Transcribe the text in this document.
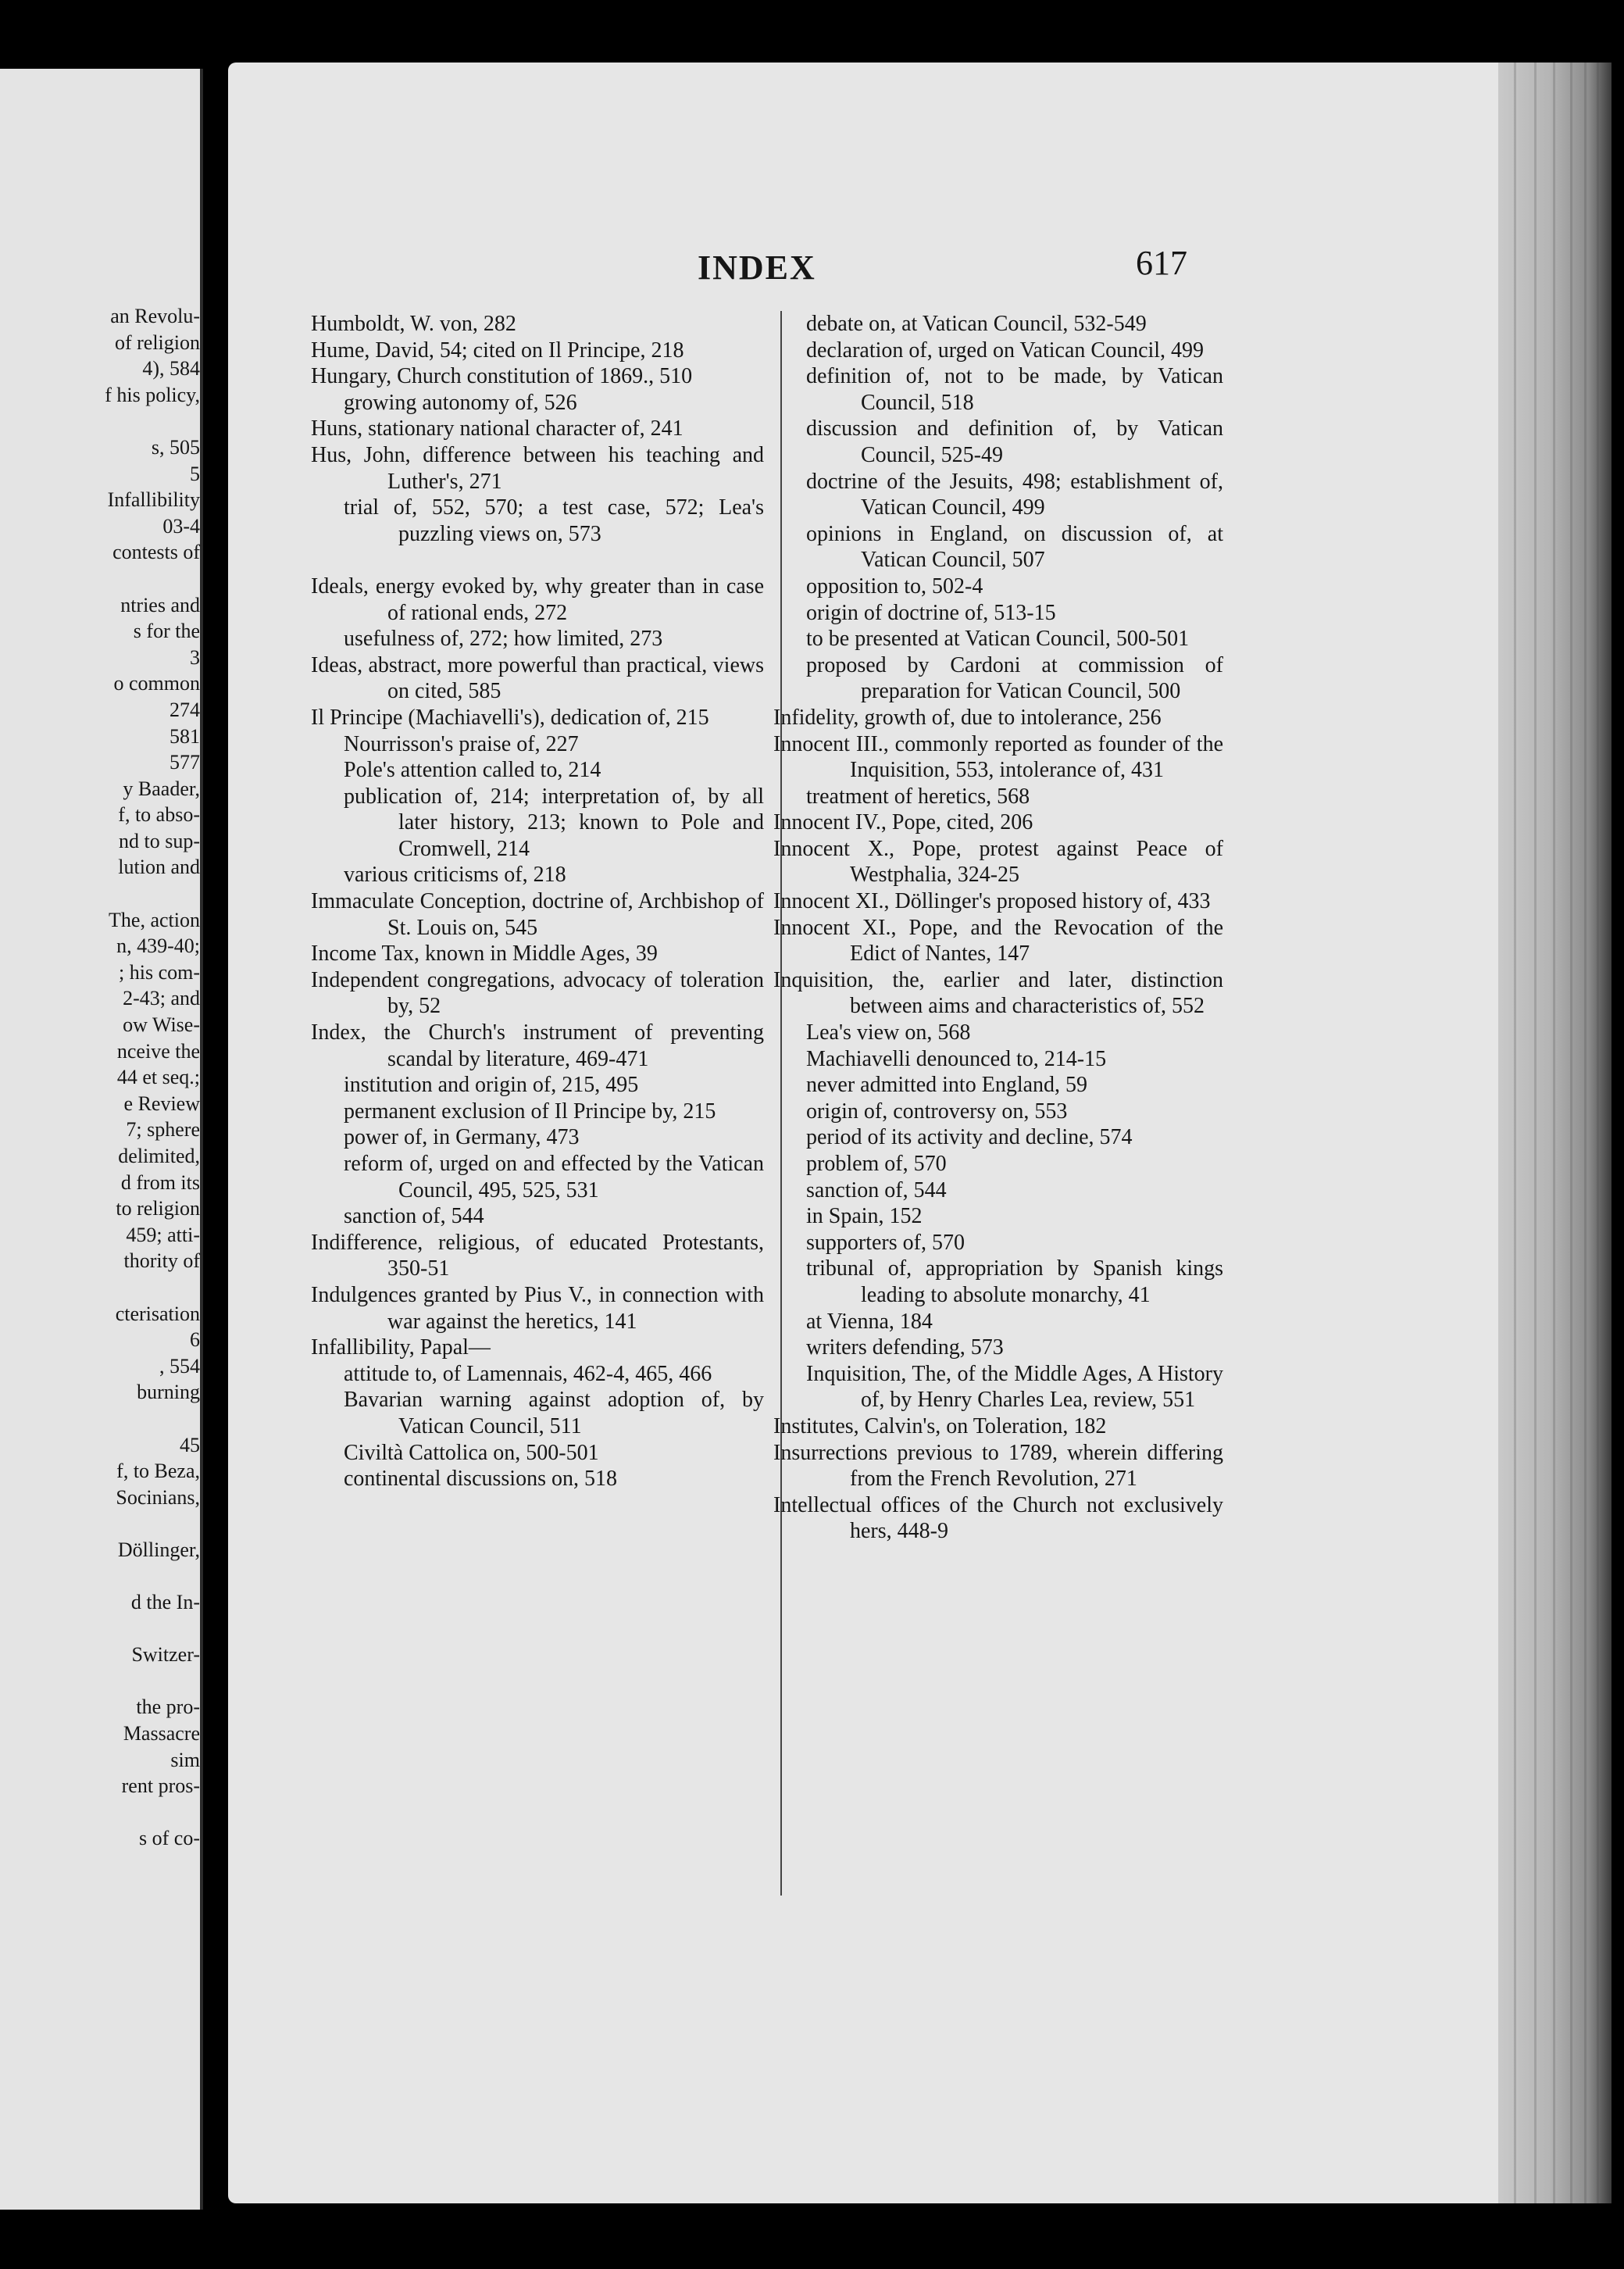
an Revolu-
of religion
4), 584
f his policy,
s, 505
5
Infallibility
03-4
contests of
ntries and
s for the
3
o common
274
581
577
y Baader,
f, to abso-
nd to sup-
lution and
The, action
n, 439-40;
; his com-
2-43; and
ow Wise-
nceive the
44 et seq.;
e Review
7; sphere
delimited,
d from its
to religion
459; atti-
thority of
cterisation
6
, 554
burning
45
f, to Beza,
Socinians,
Döllinger,
d the In-
Switzer-
the pro-
Massacre
sim
rent pros-
s of co-
INDEX	617
Humboldt, W. von, 282
Hume, David, 54; cited on Il Principe, 218
Hungary, Church constitution of 1869., 510
growing autonomy of, 526
Huns, stationary national character of, 241
Hus, John, difference between his teaching and Luther's, 271
trial of, 552, 570; a test case, 572; Lea's puzzling views on, 573
Ideals, energy evoked by, why greater than in case of rational ends, 272
usefulness of, 272; how limited, 273
Ideas, abstract, more powerful than practical, views on cited, 585
Il Principe (Machiavelli's), dedication of, 215
Nourrisson's praise of, 227
Pole's attention called to, 214
publication of, 214; interpretation of, by all later history, 213; known to Pole and Cromwell, 214
various criticisms of, 218
Immaculate Conception, doctrine of, Archbishop of St. Louis on, 545
Income Tax, known in Middle Ages, 39
Independent congregations, advocacy of toleration by, 52
Index, the Church's instrument of preventing scandal by literature, 469-471
institution and origin of, 215, 495
permanent exclusion of Il Principe by, 215
power of, in Germany, 473
reform of, urged on and effected by the Vatican Council, 495, 525, 531
sanction of, 544
Indifference, religious, of educated Protestants, 350-51
Indulgences granted by Pius V., in connection with war against the heretics, 141
Infallibility, Papal—
attitude to, of Lamennais, 462-4, 465, 466
Bavarian warning against adoption of, by Vatican Council, 511
Civiltà Cattolica on, 500-501
continental discussions on, 518
debate on, at Vatican Council, 532-549
declaration of, urged on Vatican Council, 499
definition of, not to be made, by Vatican Council, 518
discussion and definition of, by Vatican Council, 525-49
doctrine of the Jesuits, 498; establishment of, Vatican Council, 499
opinions in England, on discussion of, at Vatican Council, 507
opposition to, 502-4
origin of doctrine of, 513-15
to be presented at Vatican Council, 500-501
proposed by Cardoni at commission of preparation for Vatican Council, 500
Infidelity, growth of, due to intolerance, 256
Innocent III., commonly reported as founder of the Inquisition, 553, intolerance of, 431
treatment of heretics, 568
Innocent IV., Pope, cited, 206
Innocent X., Pope, protest against Peace of Westphalia, 324-25
Innocent XI., Döllinger's proposed history of, 433
Innocent XI., Pope, and the Revocation of the Edict of Nantes, 147
Inquisition, the, earlier and later, distinction between aims and characteristics of, 552
Lea's view on, 568
Machiavelli denounced to, 214-15
never admitted into England, 59
origin of, controversy on, 553
period of its activity and decline, 574
problem of, 570
sanction of, 544
in Spain, 152
supporters of, 570
tribunal of, appropriation by Spanish kings leading to absolute monarchy, 41
at Vienna, 184
writers defending, 573
Inquisition, The, of the Middle Ages, A History of, by Henry Charles Lea, review, 551
Institutes, Calvin's, on Toleration, 182
Insurrections previous to 1789, wherein differing from the French Revolution, 271
Intellectual offices of the Church not exclusively hers, 448-9
